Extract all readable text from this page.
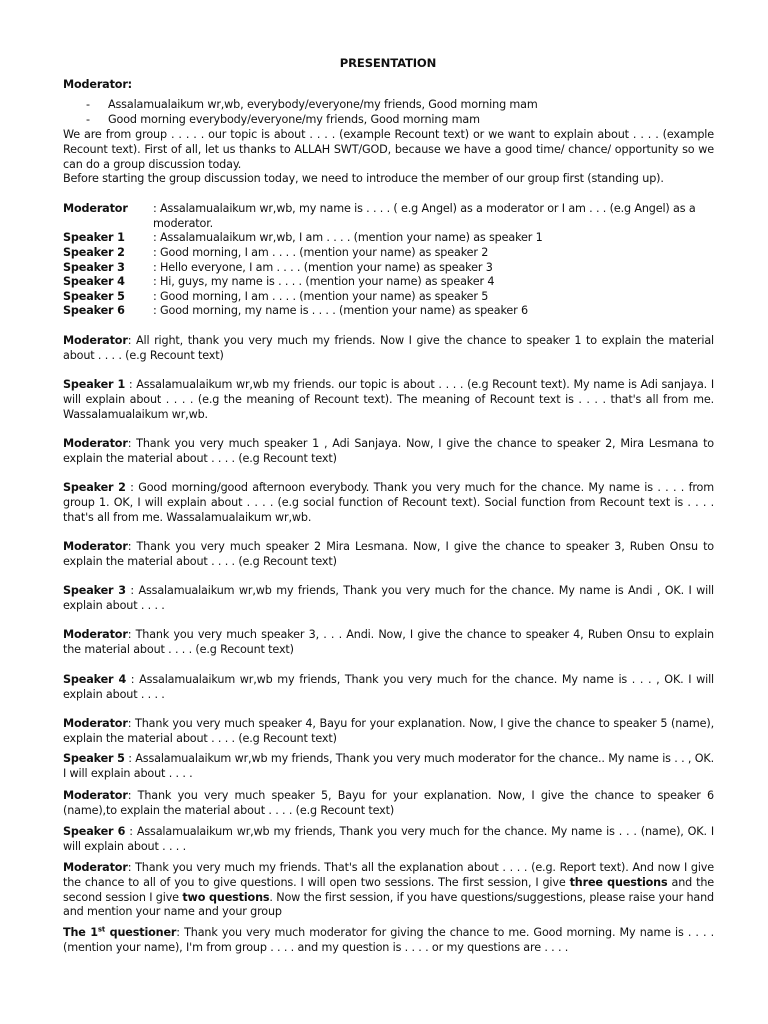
PRESENTATION
Moderator:
- Assalamualaikum wr,wb, everybody/everyone/my friends, Good morning mam
- Good morning everybody/everyone/my friends, Good morning mam
We are from group . . . . . our topic is about . . . . (example Recount text) or we want to explain about . . . . (example Recount text). First of all, let us thanks to ALLAH SWT/GOD, because we have a good time/ chance/ opportunity so we can do a group discussion today.
Before starting the group discussion today, we need to introduce the member of our group first (standing up).
Moderator : Assalamualaikum wr,wb, my name is . . . . ( e.g Angel) as a moderator or I am . . . (e.g Angel) as a moderator.
Speaker 1	: Assalamualaikum wr,wb, I am . . . . (mention your name) as speaker 1
Speaker 2	: Good morning, I am . . . . (mention your name) as speaker 2
Speaker 3	: Hello everyone, I am . . . . (mention your name) as speaker 3
Speaker 4	: Hi, guys, my name is . . . . (mention your name) as speaker 4
Speaker 5	: Good morning, I am . . . . (mention your name) as speaker 5
Speaker 6	: Good morning, my name is . . . . (mention your name) as speaker 6
Moderator: All right, thank you very much my friends. Now I give the chance to speaker 1 to explain the material about . . . . (e.g Recount text)
Speaker 1 : Assalamualaikum wr,wb my friends. our topic is about . . . . (e.g Recount text). My name is Adi sanjaya. I will explain about . . . . (e.g the meaning of Recount text). The meaning of Recount text is . . . . that's all from me. Wassalamualaikum wr,wb.
Moderator: Thank you very much speaker 1 , Adi Sanjaya. Now, I give the chance to speaker 2, Mira Lesmana to explain the material about . . . . (e.g Recount text)
Speaker 2 : Good morning/good afternoon everybody. Thank you very much for the chance. My name is . . . . from group 1. OK, I will explain about . . . . (e.g social function of Recount text). Social function from Recount text is . . . . that's all from me. Wassalamualaikum wr,wb.
Moderator: Thank you very much speaker 2 Mira Lesmana. Now, I give the chance to speaker 3, Ruben Onsu to explain the material about . . . . (e.g Recount text)
Speaker 3 : Assalamualaikum wr,wb my friends, Thank you very much for the chance. My name is Andi , OK. I will explain about . . . .
Moderator: Thank you very much speaker 3, . . . Andi. Now, I give the chance to speaker 4, Ruben Onsu to explain the material about . . . . (e.g Recount text)
Speaker 4 : Assalamualaikum wr,wb my friends, Thank you very much for the chance. My name is . . . , OK. I will explain about . . . .
Moderator: Thank you very much speaker 4, Bayu for your explanation. Now, I give the chance to speaker 5 (name), explain the material about . . . . (e.g Recount text)
Speaker 5 : Assalamualaikum wr,wb my friends, Thank you very much moderator for the chance.. My name is . . , OK. I will explain about . . . .
Moderator: Thank you very much speaker 5, Bayu for your explanation. Now, I give the chance to speaker 6 (name),to explain the material about . . . . (e.g Recount text)
Speaker 6 : Assalamualaikum wr,wb my friends, Thank you very much for the chance. My name is . . . (name), OK. I will explain about . . . .
Moderator: Thank you very much my friends. That's all the explanation about . . . . (e.g. Report text). And now I give the chance to all of you to give questions. I will open two sessions. The first session, I give three questions and the second session I give two questions. Now the first session, if you have questions/suggestions, please raise your hand and mention your name and your group
The 1st questioner: Thank you very much moderator for giving the chance to me. Good morning. My name is . . . . (mention your name), I'm from group . . . . and my question is . . . . or my questions are . . . .
